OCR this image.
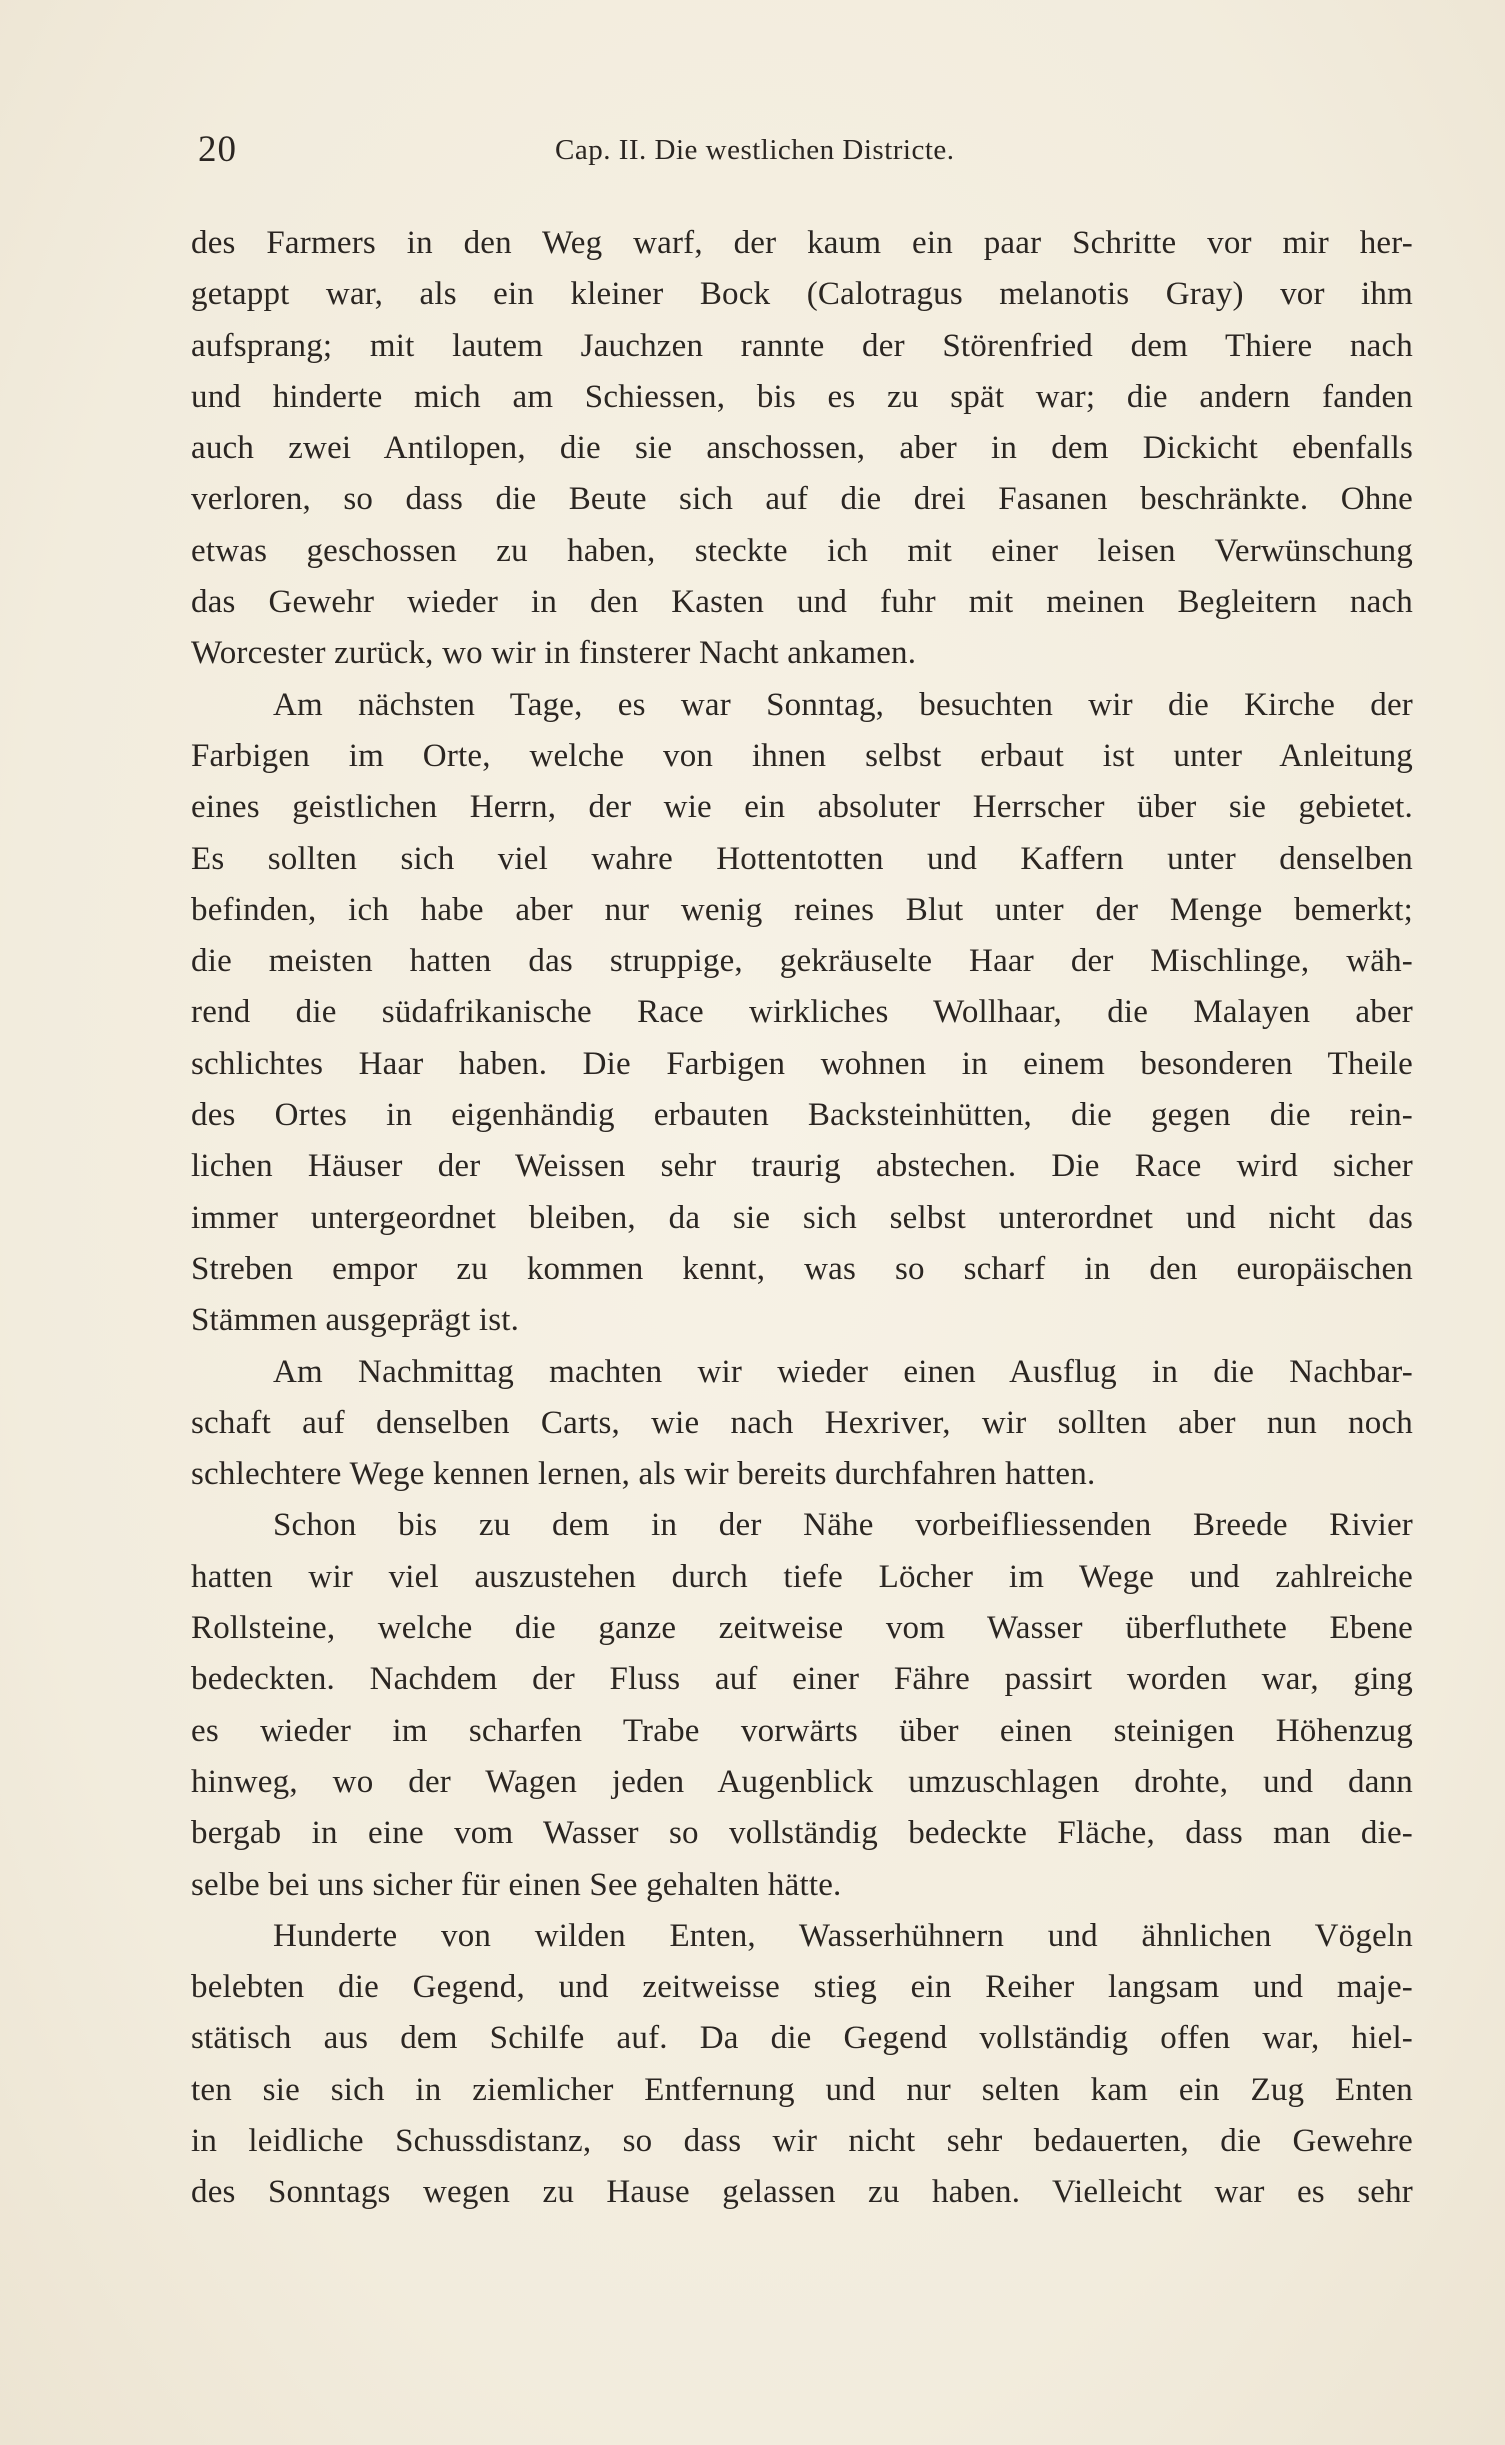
20	Cap. II. Die westlichen Districte.
des Farmers in den Weg warf, der kaum ein paar Schritte vor mir her-
getappt war, als ein kleiner Bock (Calotragus melanotis Gray) vor ihm
aufsprang; mit lautem Jauchzen rannte der Störenfried dem Thiere nach
und hinderte mich am Schiessen, bis es zu spät war; die andern fanden
auch zwei Antilopen, die sie anschossen, aber in dem Dickicht ebenfalls
verloren, so dass die Beute sich auf die drei Fasanen beschränkte. Ohne
etwas geschossen zu haben, steckte ich mit einer leisen Verwünschung
das Gewehr wieder in den Kasten und fuhr mit meinen Begleitern nach
Worcester zurück, wo wir in finsterer Nacht ankamen.
Am nächsten Tage, es war Sonntag, besuchten wir die Kirche der
Farbigen im Orte, welche von ihnen selbst erbaut ist unter Anleitung
eines geistlichen Herrn, der wie ein absoluter Herrscher über sie gebietet.
Es sollten sich viel wahre Hottentotten und Kaffern unter denselben
befinden, ich habe aber nur wenig reines Blut unter der Menge bemerkt;
die meisten hatten das struppige, gekräuselte Haar der Mischlinge, wäh-
rend die südafrikanische Race wirkliches Wollhaar, die Malayen aber
schlichtes Haar haben. Die Farbigen wohnen in einem besonderen Theile
des Ortes in eigenhändig erbauten Backsteinhütten, die gegen die rein-
lichen Häuser der Weissen sehr traurig abstechen. Die Race wird sicher
immer untergeordnet bleiben, da sie sich selbst unterordnet und nicht das
Streben empor zu kommen kennt, was so scharf in den europäischen
Stämmen ausgeprägt ist.
Am Nachmittag machten wir wieder einen Ausflug in die Nachbar-
schaft auf denselben Carts, wie nach Hexriver, wir sollten aber nun noch
schlechtere Wege kennen lernen, als wir bereits durchfahren hatten.
Schon bis zu dem in der Nähe vorbeifliessenden Breede Rivier
hatten wir viel auszustehen durch tiefe Löcher im Wege und zahlreiche
Rollsteine, welche die ganze zeitweise vom Wasser überfluthete Ebene
bedeckten. Nachdem der Fluss auf einer Fähre passirt worden war, ging
es wieder im scharfen Trabe vorwärts über einen steinigen Höhenzug
hinweg, wo der Wagen jeden Augenblick umzuschlagen drohte, und dann
bergab in eine vom Wasser so vollständig bedeckte Fläche, dass man die-
selbe bei uns sicher für einen See gehalten hätte.
Hunderte von wilden Enten, Wasserhühnern und ähnlichen Vögeln
belebten die Gegend, und zeitweisse stieg ein Reiher langsam und maje-
stätisch aus dem Schilfe auf. Da die Gegend vollständig offen war, hiel-
ten sie sich in ziemlicher Entfernung und nur selten kam ein Zug Enten
in leidliche Schussdistanz, so dass wir nicht sehr bedauerten, die Gewehre
des Sonntags wegen zu Hause gelassen zu haben. Vielleicht war es sehr
